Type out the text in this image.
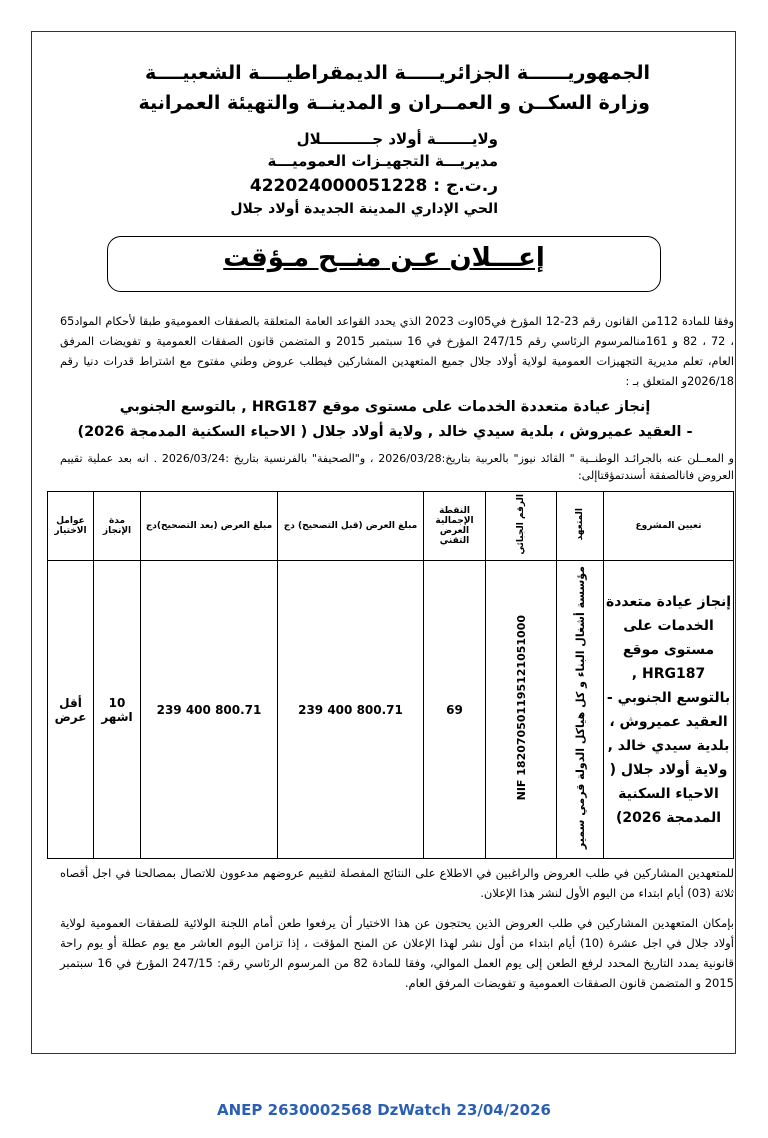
الجمهوريــــــة الجزائريـــــة الديمقراطيــــة الشعبيــــة
وزارة السكــن و العمــران و المدينــة والتهيئة العمرانية
ولايـــــــة أولاد جــــــــــلال
مديريـــة التجهيـزات العموميـــة
ر.ت.ج : 422024000051228
الحي الإداري المدينة الجديدة أولاد جلال
إعـــلان عـن منــح مـؤقت
وفقا للمادة 112من القانون رقم 23-12 المؤرخ في05اوت 2023 الذي يحدد القواعد العامة المتعلقة بالصفقات العموميةو طبقا لأحكام المواد65 ، 72 ، 82 و 161منالمرسوم الرئاسي رقم 247/15 المؤرخ في 16 سبتمبر 2015 و المتضمن قانون الصفقات العمومية و تفويضات المرفق العام، تعلم مديرية التجهيزات العمومية لولاية أولاد جلال جميع المتعهدين المشاركين فيطلب عروض وطني مفتوح مع اشتراط قدرات دنيا رقم 2026/18و المتعلق بـ :
إنجاز عيادة متعددة الخدمات على مستوى موقع HRG187 , بالتوسع الجنوبي
- العقيد عميروش ، بلدية سيدي خالد , ولاية أولاد جلال ( الاحياء السكنية المدمجة 2026)
و المعــلن عنه بالجرائـد الوطنــية " القائد نيوز" بالعربية بتاريخ:2026/03/28 ، و"الصحيفة" بالفرنسية بتاريخ :2026/03/24 . انه بعد عملية تقييم العروض فانالصفقة أسندتمؤقتاإلى:
تعيين المشروع	المتعهد	الرقم الجبائي	النقطة الإجمالية العرض التقني	مبلغ العرض (قبل التصحيح) دج	مبلغ العرض (بعد التصحيح)دج	مدة الإنجاز	عوامل الاختيار
إنجاز عيادة متعددة الخدمات على مستوى موقع HRG187 , بالتوسع الجنوبي - العقيد عميروش ، بلدية سيدي خالد , ولاية أولاد جلال ( الاحياء السكنية المدمجة 2026)	مؤسسة أشغال البناء و كل هياكل الدولة قرمي سمير	NIF 182070501195121051000	69	239 400 800.71	239 400 800.71	10 اشهر	أقل عرض
للمتعهدين المشاركين في طلب العروض والراغبين في الاطلاع على النتائج المفصلة لتقييم عروضهم مدعوون للاتصال بمصالحنا في اجل أقصاه ثلاثة (03) أيام ابتداء من اليوم الأول لنشر هذا الإعلان.
بإمكان المتعهدين المشاركين في طلب العروض الذين يحتجون عن هذا الاختيار أن يرفعوا طعن أمام اللجنة الولائية للصفقات العمومية لولاية أولاد جلال في اجل عشرة (10) أيام ابتداء من أول نشر لهذا الإعلان عن المنح المؤقت ، إذا تزامن اليوم العاشر مع يوم عطلة أو يوم راحة قانونية يمدد التاريخ المحدد لرفع الطعن إلى يوم العمل الموالي، وفقا للمادة 82 من المرسوم الرئاسي رقم: 247/15 المؤرخ في 16 سبتمبر 2015 و المتضمن قانون الصفقات العمومية و تفويضات المرفق العام.
ANEP 2630002568 DzWatch 23/04/2026
